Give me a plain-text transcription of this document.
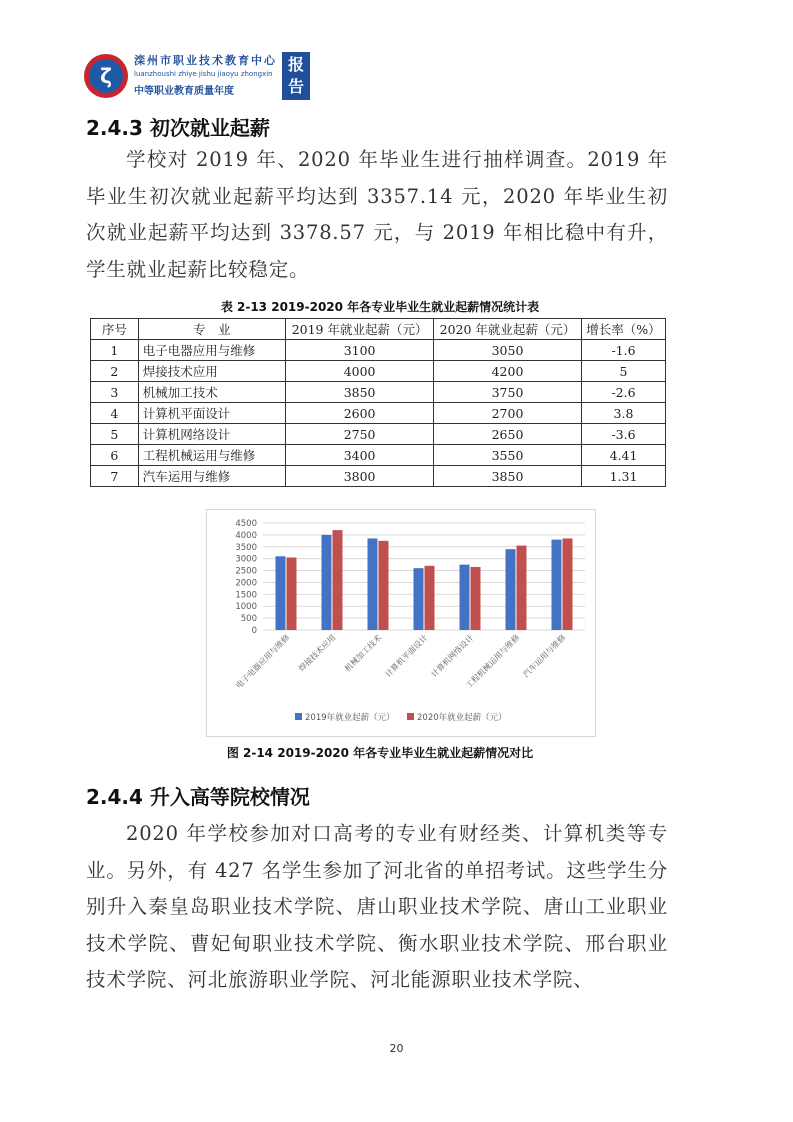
ζ
滦州市职业技术教育中心
luanzhoushi zhiye jishu jiaoyu zhongxin
中等职业教育质量年度
报告
2.4.3 初次就业起薪

学校对 2019 年、2020 年毕业生进行抽样调查。2019 年毕业生初次就业起薪平均达到 3357.14 元，2020 年毕业生初次就业起薪平均达到 3378.57 元，与 2019 年相比稳中有升，学生就业起薪比较稳定。

表 2-13 2019-2020 年各专业毕业生就业起薪情况统计表
序号	专　业	2019 年就业起薪（元）	2020 年就业起薪（元）	增长率（%）
1	电子电器应用与维修	3100	3050	-1.6
2	焊接技术应用	4000	4200	5
3	机械加工技术	3850	3750	-2.6
4	计算机平面设计	2600	2700	3.8
5	计算机网络设计	2750	2650	-3.6
6	工程机械运用与维修	3400	3550	4.41
7	汽车运用与维修	3800	3850	1.31
0
500
1000
1500
2000
2500
3000
3500
4000
4500
电子电器应用与维修 焊接技术应用 机械加工技术 计算机平面设计 计算机网络设计
工程机械运用与维修 汽车运用与维修
2019年就业起薪（元）	2020年就业起薪（元）
图 2-14 2019-2020 年各专业毕业生就业起薪情况对比
2.4.4 升入高等院校情况

2020 年学校参加对口高考的专业有财经类、计算机类等专业。另外，有 427 名学生参加了河北省的单招考试。这些学生分别升入秦皇岛职业技术学院、唐山职业技术学院、唐山工业职业技术学院、曹妃甸职业技术学院、衡水职业技术学院、邢台职业技术学院、河北旅游职业学院、河北能源职业技术学院、

20
